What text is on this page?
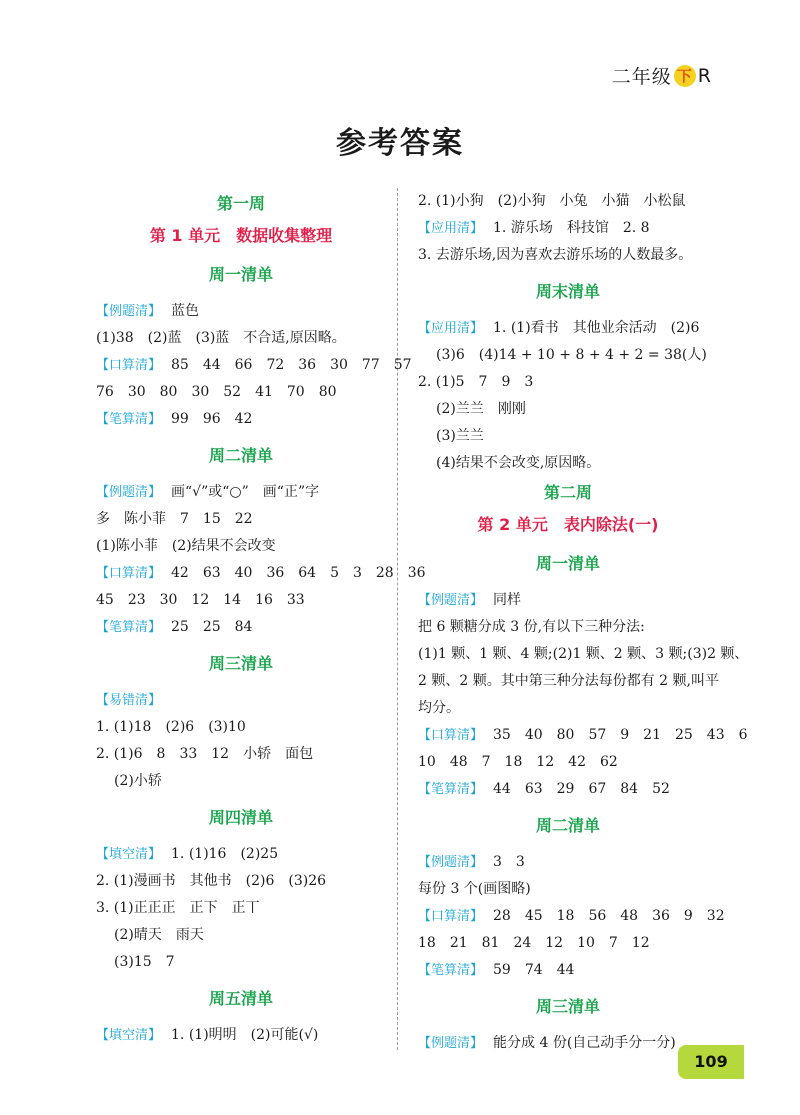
二年级 下 R
参考答案
第一周
第 1 单元　数据收集整理
周一清单
【例题清】 蓝色
(1)38　(2)蓝　(3)蓝　不合适,原因略。
【口算清】 85　44　66　72　36　30　77　57
76　30　80　30　52　41　70　80
【笔算清】 99　96　42
周二清单
【例题清】 画“√”或“○”　画“正”字
多　陈小菲　7　15　22
(1)陈小菲　(2)结果不会改变
【口算清】 42　63　40　36　64　5　3　28　36
45　23　30　12　14　16　33
【笔算清】 25　25　84
周三清单
【易错清】
1. (1)18　(2)6　(3)10
2. (1)6　8　33　12　小轿　面包
(2)小轿
周四清单
【填空清】 1. (1)16　(2)25
2. (1)漫画书　其他书　(2)6　(3)26
3. (1)正正正　正下　正丅
(2)晴天　雨天
(3)15　7
周五清单
【填空清】 1. (1)明明　(2)可能(√)
2. (1)小狗　(2)小狗　小兔　小猫　小松鼠
【应用清】 1. 游乐场　科技馆　2. 8
3. 去游乐场,因为喜欢去游乐场的人数最多。
周末清单
【应用清】 1. (1)看书　其他业余活动　(2)6
(3)6　(4)14 + 10 + 8 + 4 + 2 = 38(人)
2. (1)5　7　9　3
(2)兰兰　刚刚
(3)兰兰
(4)结果不会改变,原因略。
第二周
第 2 单元　表内除法(一)
周一清单
【例题清】 同样
把 6 颗糖分成 3 份,有以下三种分法:
(1)1 颗、1 颗、4 颗;(2)1 颗、2 颗、3 颗;(3)2 颗、
2 颗、2 颗。其中第三种分法每份都有 2 颗,叫平
均分。
【口算清】 35　40　80　57　9　21　25　43　6
10　48　7　18　12　42　62
【笔算清】 44　63　29　67　84　52
周二清单
【例题清】 3　3
每份 3 个(画图略)
【口算清】 28　45　18　56　48　36　9　32
18　21　81　24　12　10　7　12
【笔算清】 59　74　44
周三清单
【例题清】 能分成 4 份(自己动手分一分)
109
